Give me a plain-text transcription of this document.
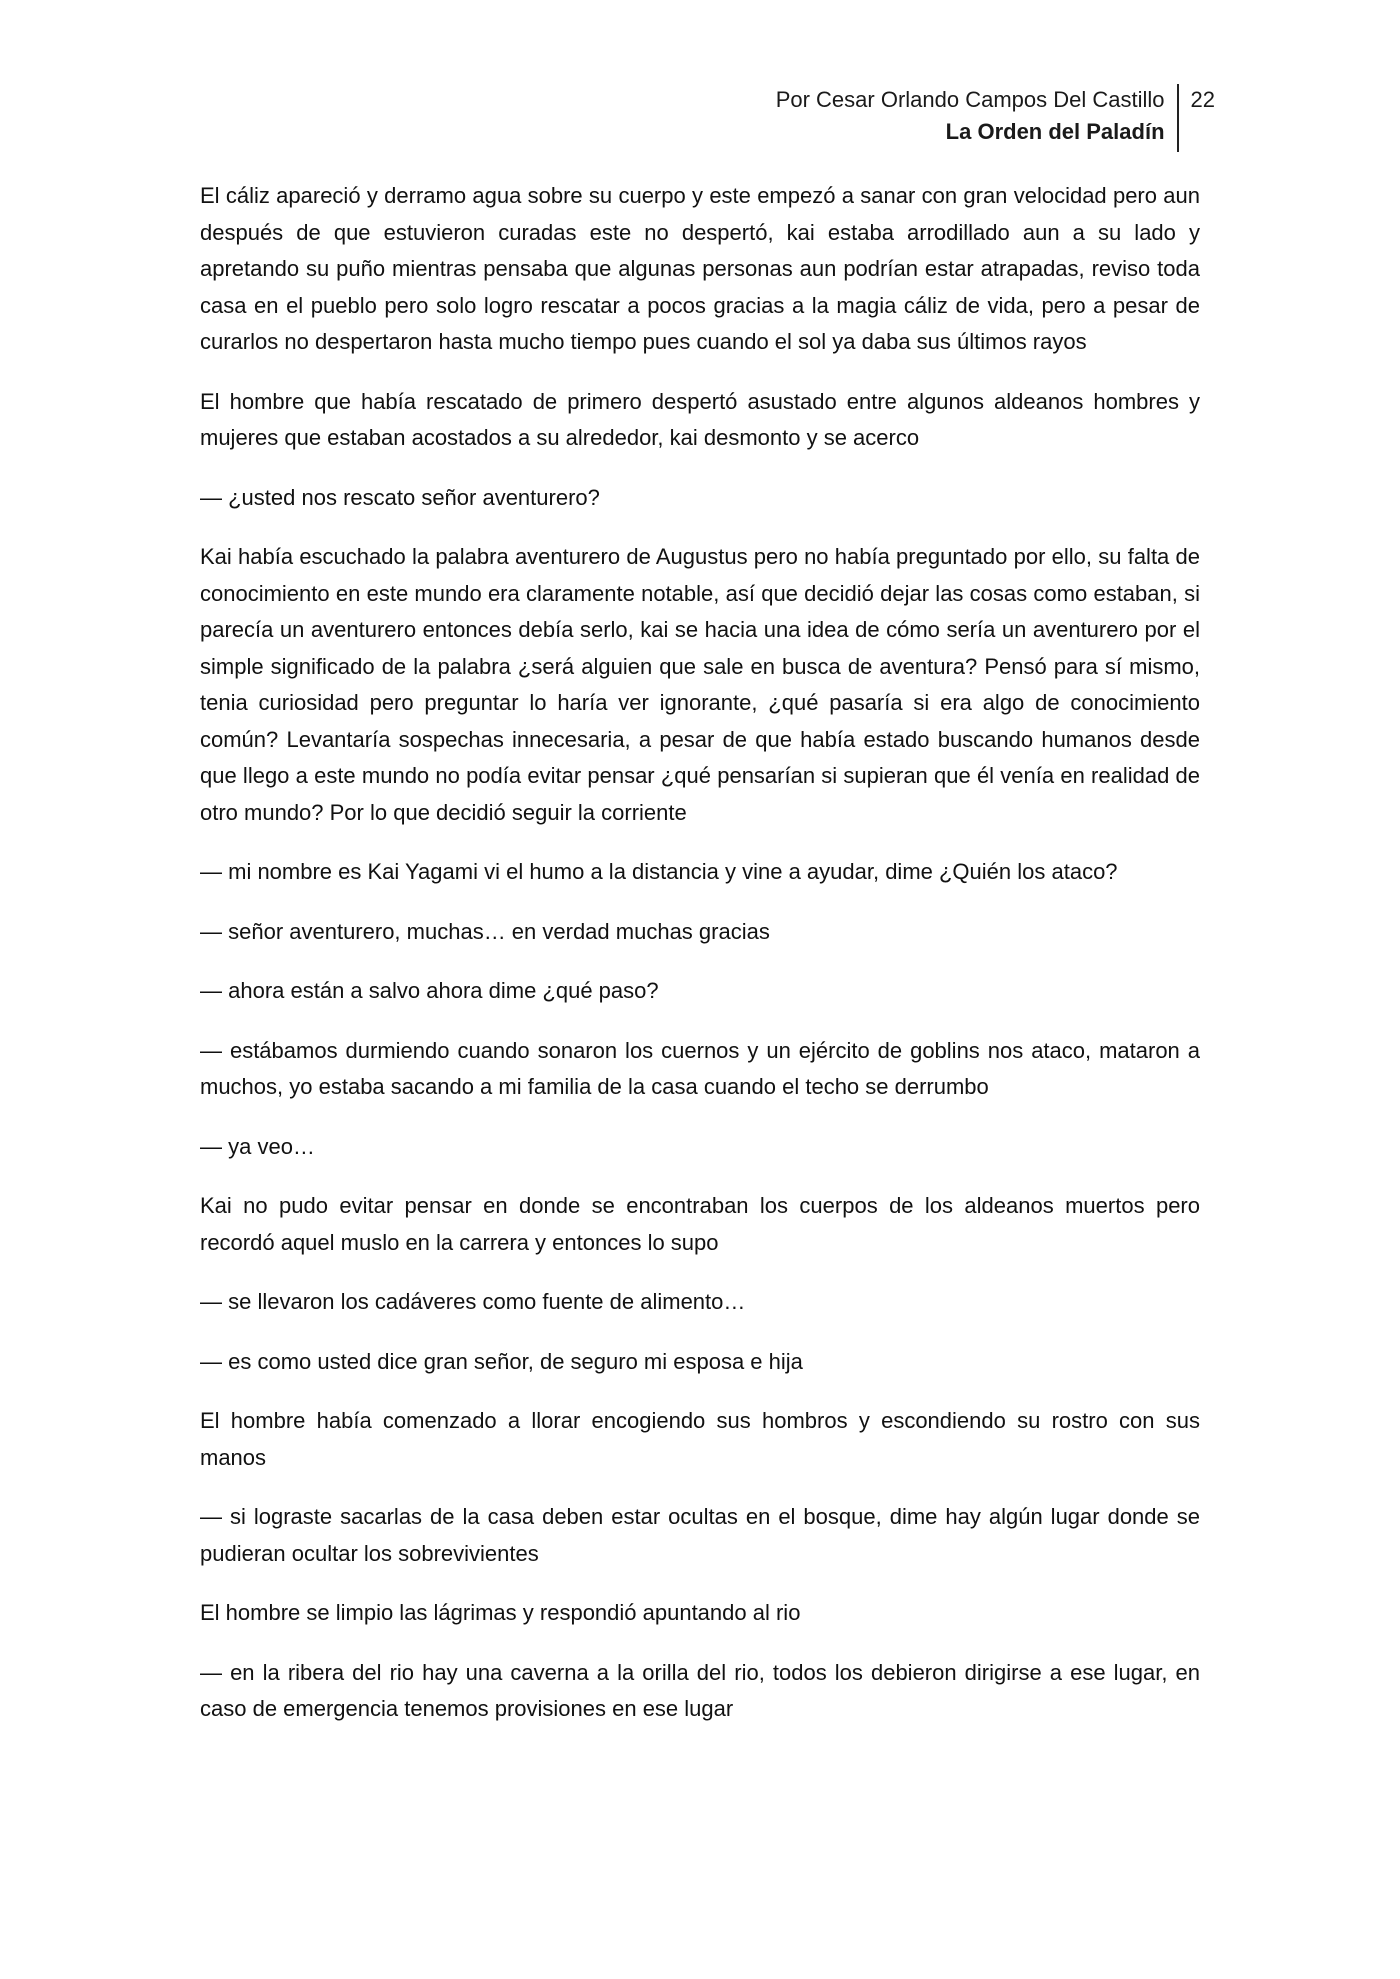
Por Cesar Orlando Campos Del Castillo
La Orden del Paladín
22

El cáliz apareció y derramo agua sobre su cuerpo y este empezó a sanar con gran velocidad pero aun después de que estuvieron curadas este no despertó, kai estaba arrodillado aun a su lado y apretando su puño mientras pensaba que algunas personas aun podrían estar atrapadas, reviso toda casa en el pueblo pero solo logro rescatar a pocos gracias a la magia cáliz de vida, pero a pesar de curarlos no despertaron hasta mucho tiempo pues cuando el sol ya daba sus últimos rayos

El hombre que había rescatado de primero despertó asustado entre algunos aldeanos hombres y mujeres que estaban acostados a su alrededor, kai desmonto y se acerco

— ¿usted nos rescato señor aventurero?

Kai había escuchado la palabra aventurero de Augustus pero no había preguntado por ello, su falta de conocimiento en este mundo era claramente notable, así que decidió dejar las cosas como estaban, si parecía un aventurero entonces debía serlo, kai se hacia una idea de cómo sería un aventurero por el simple significado de la palabra ¿será alguien que sale en busca de aventura? Pensó para sí mismo, tenia curiosidad pero preguntar lo haría ver ignorante, ¿qué pasaría si era algo de conocimiento común? Levantaría sospechas innecesaria, a pesar de que había estado buscando humanos desde que llego a este mundo no podía evitar pensar ¿qué pensarían si supieran que él venía en realidad de otro mundo? Por lo que decidió seguir la corriente

— mi nombre es Kai Yagami vi el humo a la distancia y vine a ayudar, dime ¿Quién los ataco?

— señor aventurero, muchas… en verdad muchas gracias

— ahora están a salvo ahora dime ¿qué paso?

— estábamos durmiendo cuando sonaron los cuernos y un ejército de goblins nos ataco, mataron a muchos, yo estaba sacando a mi familia de la casa cuando el techo se derrumbo

— ya veo…

Kai no pudo evitar pensar en donde se encontraban los cuerpos de los aldeanos muertos pero recordó aquel muslo en la carrera y entonces lo supo

— se llevaron los cadáveres como fuente de alimento…

— es como usted dice gran señor, de seguro mi esposa e hija

El hombre había comenzado a llorar encogiendo sus hombros y escondiendo su rostro con sus manos

— si lograste sacarlas de la casa deben estar ocultas en el bosque, dime hay algún lugar donde se pudieran ocultar los sobrevivientes

El hombre se limpio las lágrimas y respondió apuntando al rio

— en la ribera del rio hay una caverna a la orilla del rio, todos los debieron dirigirse a ese lugar, en caso de emergencia tenemos provisiones en ese lugar
